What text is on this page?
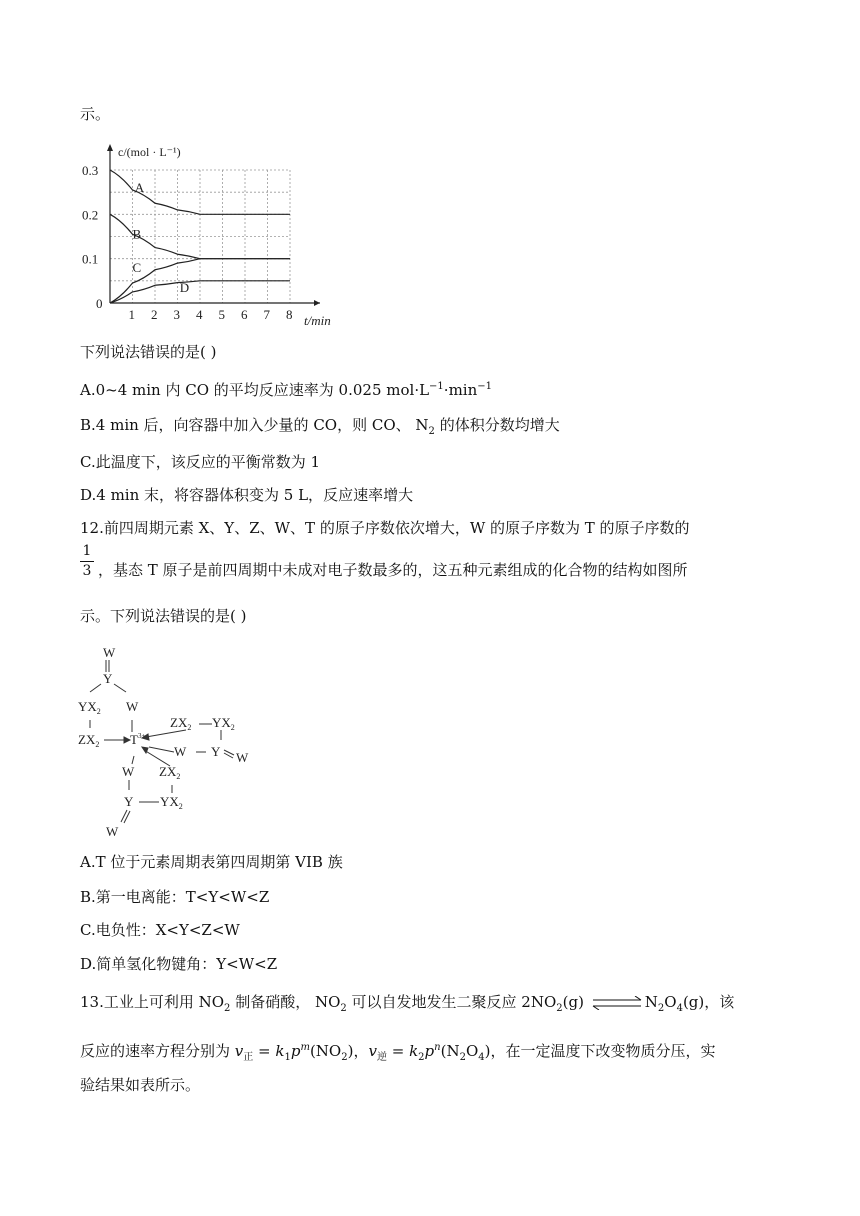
示。
1 2 3 4 5 6 7 8
0
0.1
0.2
0.3
c/(mol · L⁻¹)
t/min
A
B
C
D
下列说法错误的是( )
A.0~4 min 内 CO 的平均反应速率为 0.025 $mol\cdot L^{-1}\cdot\min^{-1}$
B.4 min 后，向容器中加入少量的 CO，则 CO、 $N_2$ 的体积分数均增大
C.此温度下，该反应的平衡常数为 1
D.4 min 末，将容器体积变为 5 L，反应速率增大
12.前四周期元素 X、Y、Z、W、T 的原子序数依次增大，W 的原子序数为 T 的原子序数的
1
3 ，基态 T 原子是前四周期中未成对电子数最多的，这五种元素组成的化合物的结构如图所
示。下列说法错误的是( )
W
Y
$YX_2$ W
$ZX_2$ $T^{3+}$
$ZX_2$ $YX_2$
W Y W
W $ZX_2$
Y $YX_2$
W
A.T 位于元素周期表第四周期第 VIB 族
B.第一电离能：T<Y<W<Z
C.电负性：X<Y<Z<W
D.简单氢化物键角：Y<W<Z
13.工业上可利用 $NO_2$ 制备硝酸， $NO_2$ 可以自发地发生二聚反应 $2NO_2(g)$ ⇌ $N_2O_4(g)$，该
反应的速率方程分别为 $v_正 = k_1p^m(NO_2)$，$v_逆 = k_2p^n(N_2O_4)$，在一定温度下改变物质分压，实
验结果如表所示。
